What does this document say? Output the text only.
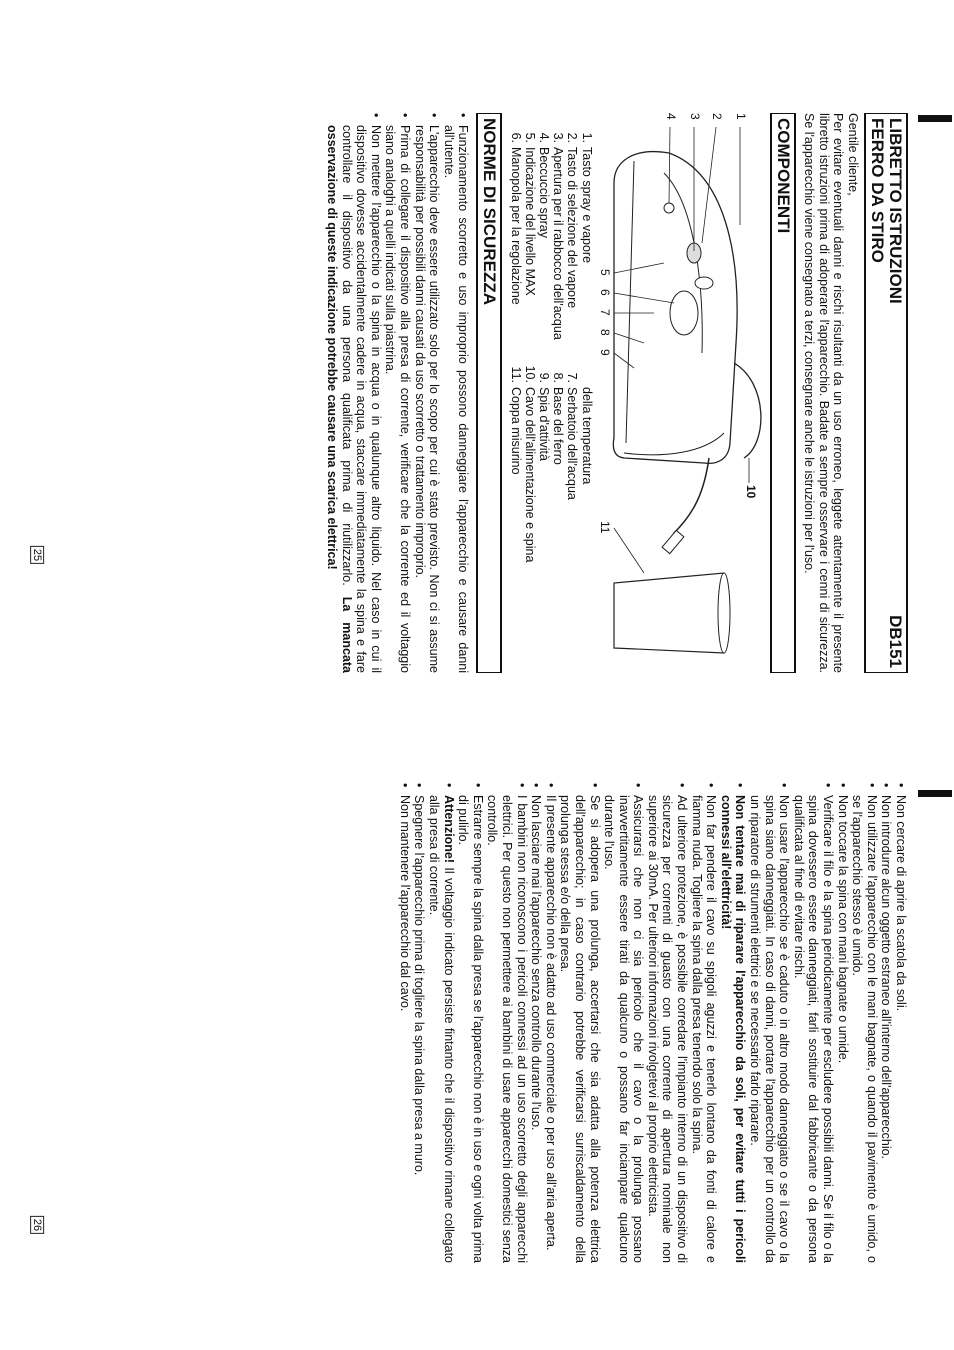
LIBRETTO ISTRUZIONI
DB151
FERRO DA STIRO
Gentile cliente,

Per evitare eventuali danni e rischi risultanti da un uso erroneo, leggete attentamente il presente libretto istruzioni prima di adoperare l'apparecchio. Badate a sempre osservare i cenni di sicurezza. Se l'apparecchio viene consegnato a terzi, consegnare anche le istruzioni per l'uso.

COMPONENTI
1
2
3
4
5
6
7
8
9
10
11
1.
Tasto spray e vapore
2.
Tasto di selezione del vapore
3.
Apertura per il rabbocco dell'acqua
4.
Beccuccio spray
5.
Indicazione del livello MAX
6.
Manopola per la regolazione
della temperatura
7.
Serbatoio dell'acqua
8.
Base del ferro
9.
Spia d'attività
10.
Cavo dell'alimentazione e spina
11.
Coppa misurino
NORME DI SICUREZZA
• Funzionamento scorretto e uso improprio possono danneggiare l'apparecchio e causare danni all'utente.
• L'apparecchio deve essere utilizzato solo per lo scopo per cui è stato previsto. Non ci si assume responsabilità per possibili danni causati da uso scorretto o trattamento improprio.
• Prima di collegare il dispositivo alla presa di corrente, verificare che la corrente ed il voltaggio siano analoghi a quelli indicati sulla piastrina.
• Non mettere l'apparecchio o la spina in acqua o in qualunque altro liquido. Nel caso in cui il dispositivo dovesse accidentalmente cadere in acqua, staccare immediatamente la spina e fare controllare il dispositivo da una persona qualificata prima di riutilizzarlo. La mancata osservazione di queste indicazione potrebbe causare una scarica elettrica!
• Non cercare di aprire la scatola da soli.
• Non introdurre alcun oggetto estraneo all'interno dell'apparecchio.
• Non utilizzare l'apparecchio con le mani bagnate, o quando il pavimento è umido, o se l'apparecchio stesso è umido.
• Non toccare la spina con mani bagnate o umide.
• Verificare il filo e la spina periodicamente per escludere possibili danni. Se il filo o la spina dovessero essere danneggiati, farli sostituire dal fabbricante o da persona qualificata al fine di evitare rischi.
• Non usare l'apparecchio se è caduto o in altro modo danneggiato o se il cavo o la spina siano danneggiati. In caso di danni, portare l'apparecchio per un controllo da un riparatore di strumenti elettrici e se necessario farlo riparare.
• Non tentare mai di riparare l'apparecchio da soli, per evitare tutti i pericoli connessi all'elettricità!
• Non far pendere il cavo su spigoli aguzzi e tenerlo lontano da fonti di calore e fiamma nuda. Togliere la spina dalla presa tenendo solo la spina.
• Ad ulteriore protezione, è possibile corredare l'impianto interno di un dispositivo di sicurezza per correnti di guasto con una corrente di apertura nominale non superiore ai 30mA. Per ulteriori informazioni rivolgetevi al proprio elettricista.
• Assicurarsi che non ci sia pericolo che il cavo o la prolunga possano inavvertitamente essere tirati da qualcuno o possano far inciampare qualcuno durante l'uso.
• Se si adopera una prolunga, accertarsi che sia adatta alla potenza elettrica dell'apparecchio; in caso contrario potrebbe verificarsi surriscaldamento della prolunga stessa e/o della presa.
• Il presente apparecchio non è adatto ad uso commerciale o per uso all'aria aperta.
• Non lasciare mai l'apparecchio senza controllo durante l'uso.
• I bambini non riconoscono i pericoli connessi ad un uso scorretto degli apparecchi elettrici. Per questo non permettere ai bambini di usare apparecchi domestici senza controllo.
• Estrarre sempre la spina dalla presa se l'apparecchio non è in uso e ogni volta prima di pulirlo.
• Attenzione! Il voltaggio indicato persiste fintanto che il dispositivo rimane collegato alla presa di corrente.
• Spegnere l'apparecchio prima di togliere la spina dalla presa a muro.
• Non mantenere l'apparecchio dal cavo.
25
26
